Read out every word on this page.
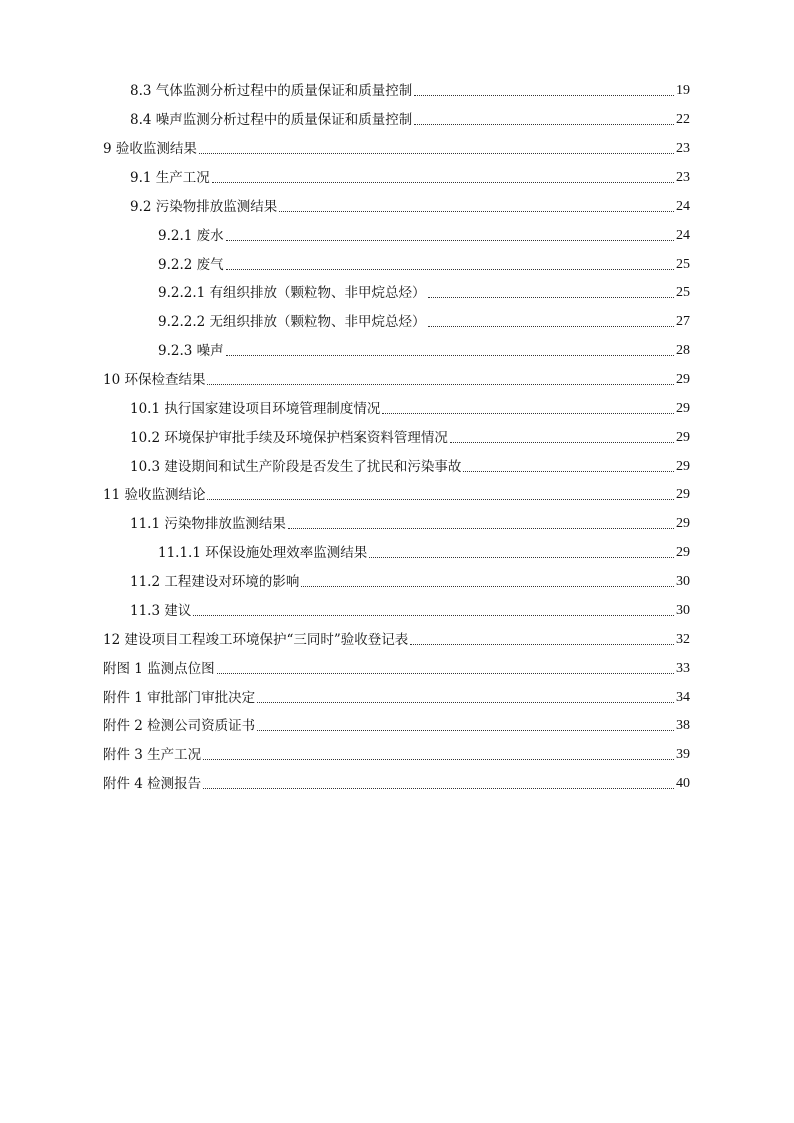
8.3 气体监测分析过程中的质量保证和质量控制	19
8.4 噪声监测分析过程中的质量保证和质量控制	22
9 验收监测结果	23
9.1 生产工况	23
9.2 污染物排放监测结果	24
9.2.1 废水	24
9.2.2 废气	25
9.2.2.1 有组织排放（颗粒物、非甲烷总烃）	25
9.2.2.2 无组织排放（颗粒物、非甲烷总烃）	27
9.2.3 噪声	28
10 环保检查结果	29
10.1 执行国家建设项目环境管理制度情况	29
10.2 环境保护审批手续及环境保护档案资料管理情况	29
10.3 建设期间和试生产阶段是否发生了扰民和污染事故	29
11 验收监测结论	29
11.1 污染物排放监测结果	29
11.1.1 环保设施处理效率监测结果	29
11.2 工程建设对环境的影响	30
11.3 建议	30
12 建设项目工程竣工环境保护“三同时”验收登记表	32
附图 1 监测点位图	33
附件 1 审批部门审批决定	34
附件 2 检测公司资质证书	38
附件 3 生产工况	39
附件 4 检测报告	40
